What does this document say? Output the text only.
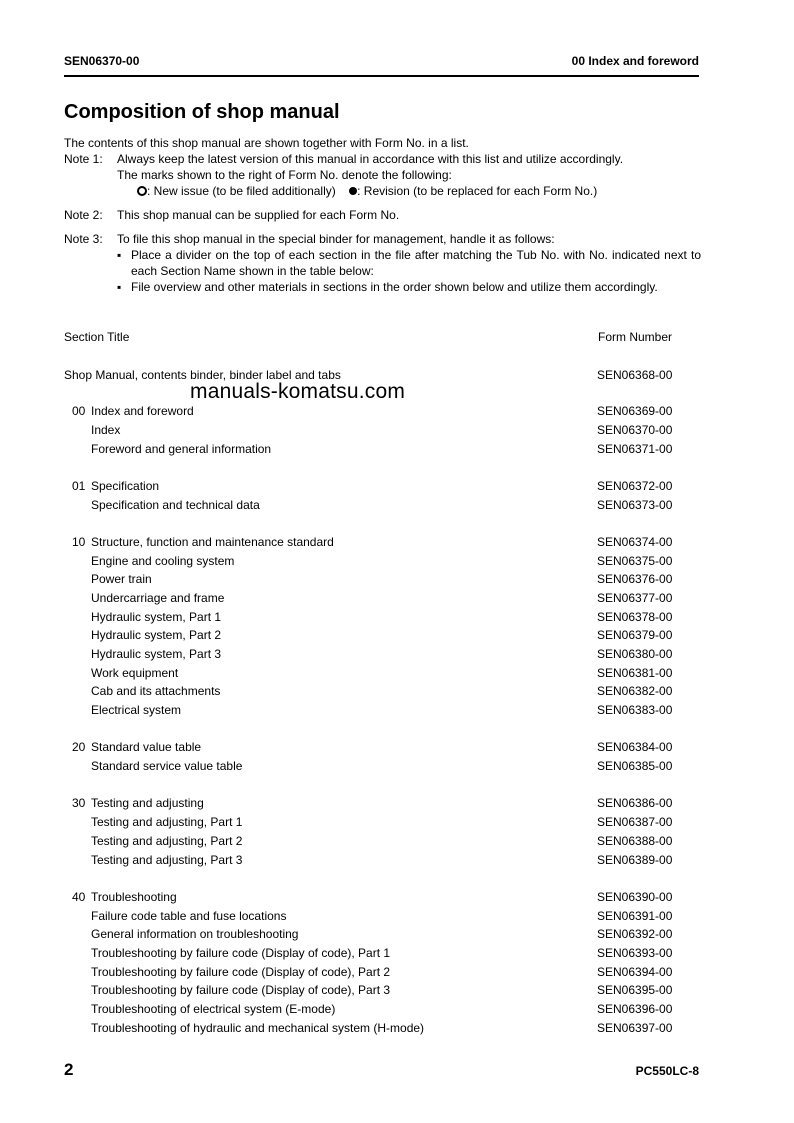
SEN06370-00	00 Index and foreword
Composition of shop manual
The contents of this shop manual are shown together with Form No. in a list.
Note 1: Always keep the latest version of this manual in accordance with this list and utilize accordingly.
The marks shown to the right of Form No. denote the following:
: New issue (to be filed additionally) : Revision (to be replaced for each Form No.)
Note 2: This shop manual can be supplied for each Form No.
Note 3: To file this shop manual in the special binder for management, handle it as follows:
▪ Place a divider on the top of each section in the file after matching the Tub No. with No. indicated next to each Section Name shown in the table below:
▪ File overview and other materials in sections in the order shown below and utilize them accordingly.
Section Title	Form Number
manuals-komatsu.com
Shop Manual, contents binder, binder label and tabs	SEN06368-00
00 Index and foreword	SEN06369-00
Index	SEN06370-00
Foreword and general information	SEN06371-00
01 Specification	SEN06372-00
Specification and technical data	SEN06373-00
10 Structure, function and maintenance standard	SEN06374-00
Engine and cooling system	SEN06375-00
Power train	SEN06376-00
Undercarriage and frame	SEN06377-00
Hydraulic system, Part 1	SEN06378-00
Hydraulic system, Part 2	SEN06379-00
Hydraulic system, Part 3	SEN06380-00
Work equipment	SEN06381-00
Cab and its attachments	SEN06382-00
Electrical system	SEN06383-00
20 Standard value table	SEN06384-00
Standard service value table	SEN06385-00
30 Testing and adjusting	SEN06386-00
Testing and adjusting, Part 1	SEN06387-00
Testing and adjusting, Part 2	SEN06388-00
Testing and adjusting, Part 3	SEN06389-00
40 Troubleshooting	SEN06390-00
Failure code table and fuse locations	SEN06391-00
General information on troubleshooting	SEN06392-00
Troubleshooting by failure code (Display of code), Part 1	SEN06393-00
Troubleshooting by failure code (Display of code), Part 2	SEN06394-00
Troubleshooting by failure code (Display of code), Part 3	SEN06395-00
Troubleshooting of electrical system (E-mode)	SEN06396-00
Troubleshooting of hydraulic and mechanical system (H-mode)	SEN06397-00
2	PC550LC-8
